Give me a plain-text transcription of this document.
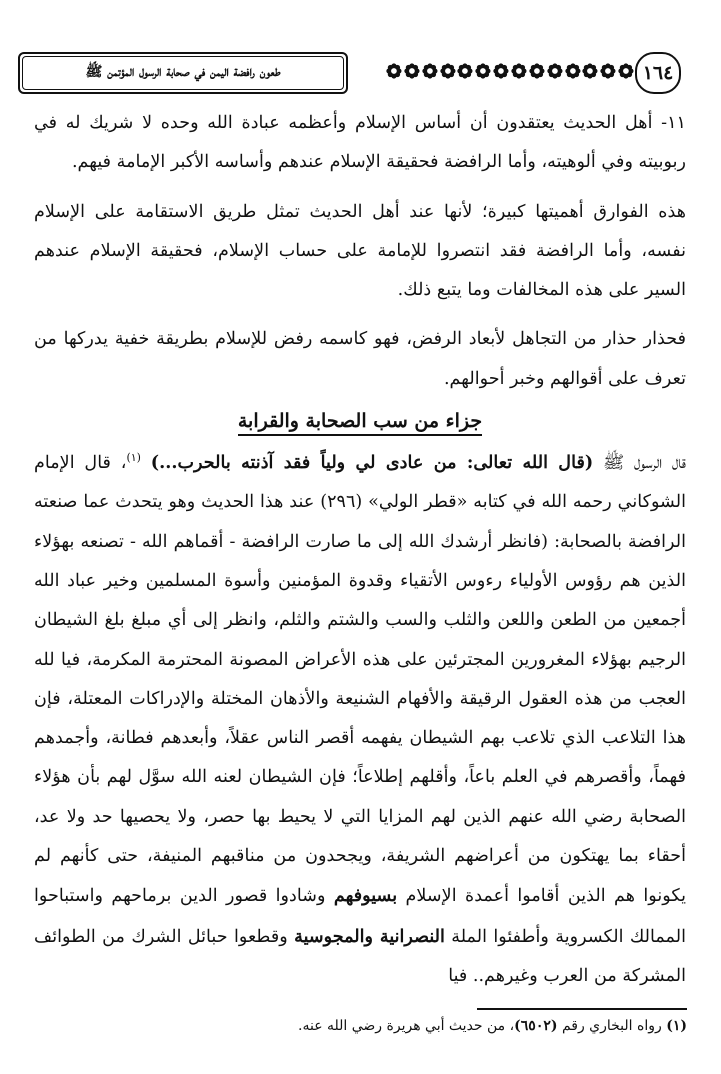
١٦٤
طعون رافضة اليمن في صحابة الرسول المؤتمن ﷺ

١١- أهل الحديث يعتقدون أن أساس الإسلام وأعظمه عبادة الله وحده لا شريك له في ربوبيته وفي ألوهيته، وأما الرافضة فحقيقة الإسلام عندهم وأساسه الأكبر الإمامة فيهم.

هذه الفوارق أهميتها كبيرة؛ لأنها عند أهل الحديث تمثل طريق الاستقامة على الإسلام نفسه، وأما الرافضة فقد انتصروا للإمامة على حساب الإسلام، فحقيقة الإسلام عندهم السير على هذه المخالفات وما يتبع ذلك.

فحذار حذار من التجاهل لأبعاد الرفض، فهو كاسمه رفض للإسلام بطريقة خفية يدركها من تعرف على أقوالهم وخبر أحوالهم.

جزاء من سب الصحابة والقرابة

قال الرسول ﷺ (قال الله تعالى: من عادى لي ولياً فقد آذنته بالحرب...) $^{(١)}$، قال الإمام الشوكاني رحمه الله في كتابه «قطر الولي» (٢٩٦) عند هذا الحديث وهو يتحدث عما صنعته الرافضة بالصحابة: (فانظر أرشدك الله إلى ما صارت الرافضة - أقماهم الله - تصنعه بهؤلاء الذين هم رؤوس الأولياء رءوس الأتقياء وقدوة المؤمنين وأسوة المسلمين وخير عباد الله أجمعين من الطعن واللعن والثلب والسب والشتم والثلم، وانظر إلى أي مبلغ بلغ الشيطان الرجيم بهؤلاء المغرورين المجترئين على هذه الأعراض المصونة المحترمة المكرمة، فيا لله العجب من هذه العقول الرقيقة والأفهام الشنيعة والأذهان المختلة والإدراكات المعتلة، فإن هذا التلاعب الذي تلاعب بهم الشيطان يفهمه أقصر الناس عقلاً، وأبعدهم فطانة، وأجمدهم فهماً، وأقصرهم في العلم باعاً، وأقلهم إطلاعاً؛ فإن الشيطان لعنه الله سوَّل لهم بأن هؤلاء الصحابة رضي الله عنهم الذين لهم المزايا التي لا يحيط بها حصر، ولا يحصيها حد ولا عد، أحقاء بما يهتكون من أعراضهم الشريفة، ويجحدون من مناقبهم المنيفة، حتى كأنهم لم يكونوا هم الذين أقاموا أعمدة الإسلام بسيوفهم وشادوا قصور الدين برماحهم واستباحوا الممالك الكسروية وأطفئوا الملة النصرانية والمجوسية وقطعوا حبائل الشرك من الطوائف المشركة من العرب وغيرهم.. فيا

(١) رواه البخاري رقم (٦٥٠٢)، من حديث أبي هريرة رضي الله عنه.
